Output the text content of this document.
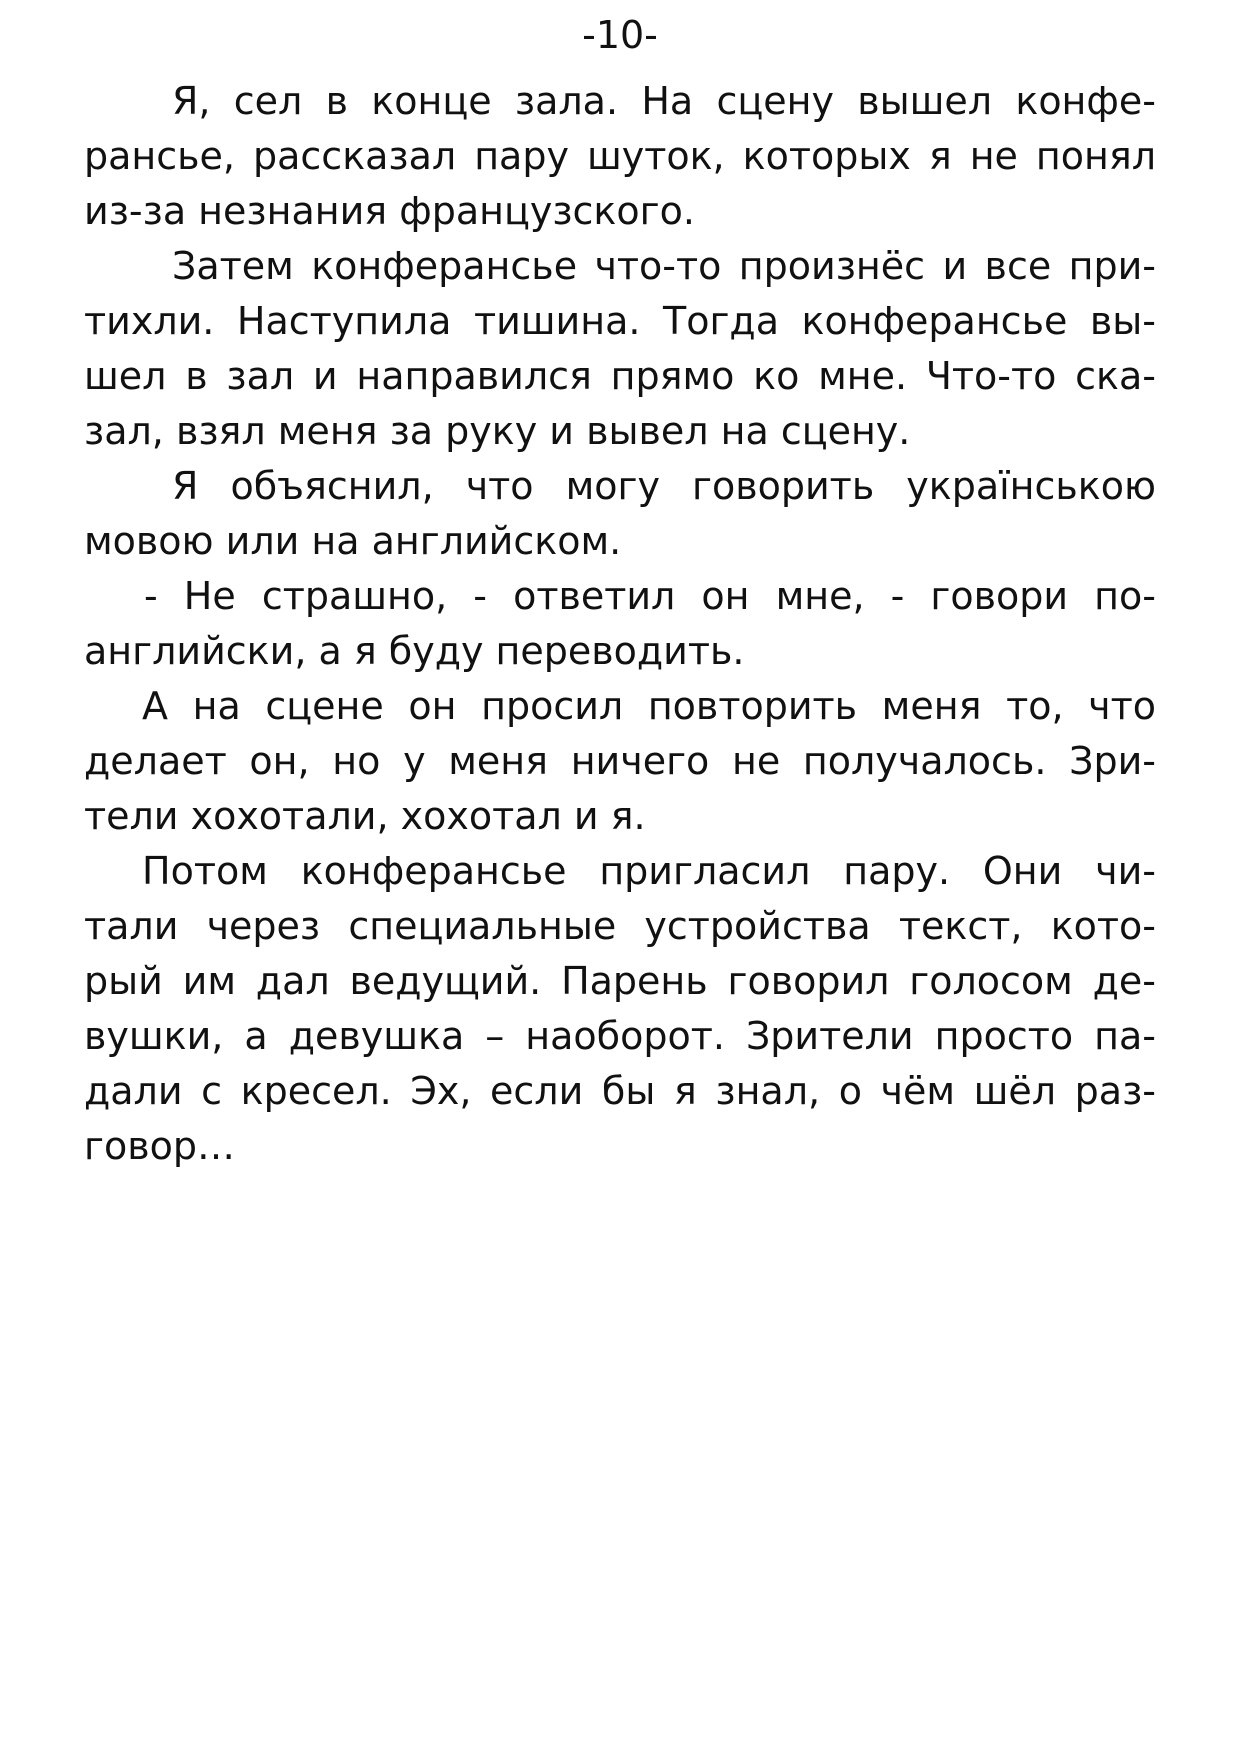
-10-
Я, сел в конце зала. На сцену вышел конфе-
рансье, рассказал пару шуток, которых я не понял
из-за незнания французского.
Затем конферансье что-то произнёс и все при-
тихли. Наступила тишина. Тогда конферансье вы-
шел в зал и направился прямо ко мне. Что-то ска-
зал, взял меня за руку и вывел на сцену.
Я объяснил, что могу говорить українською
мовою или на английском.
- Не страшно, - ответил он мне, - говори по-
английски, а я буду переводить.
А на сцене он просил повторить меня то, что
делает он, но у меня ничего не получалось. Зри-
тели хохотали, хохотал и я.
Потом конферансье пригласил пару. Они чи-
тали через специальные устройства текст, кото-
рый им дал ведущий. Парень говорил голосом де-
вушки, а девушка – наоборот. Зрители просто па-
дали с кресел. Эх, если бы я знал, о чём шёл раз-
говор…
